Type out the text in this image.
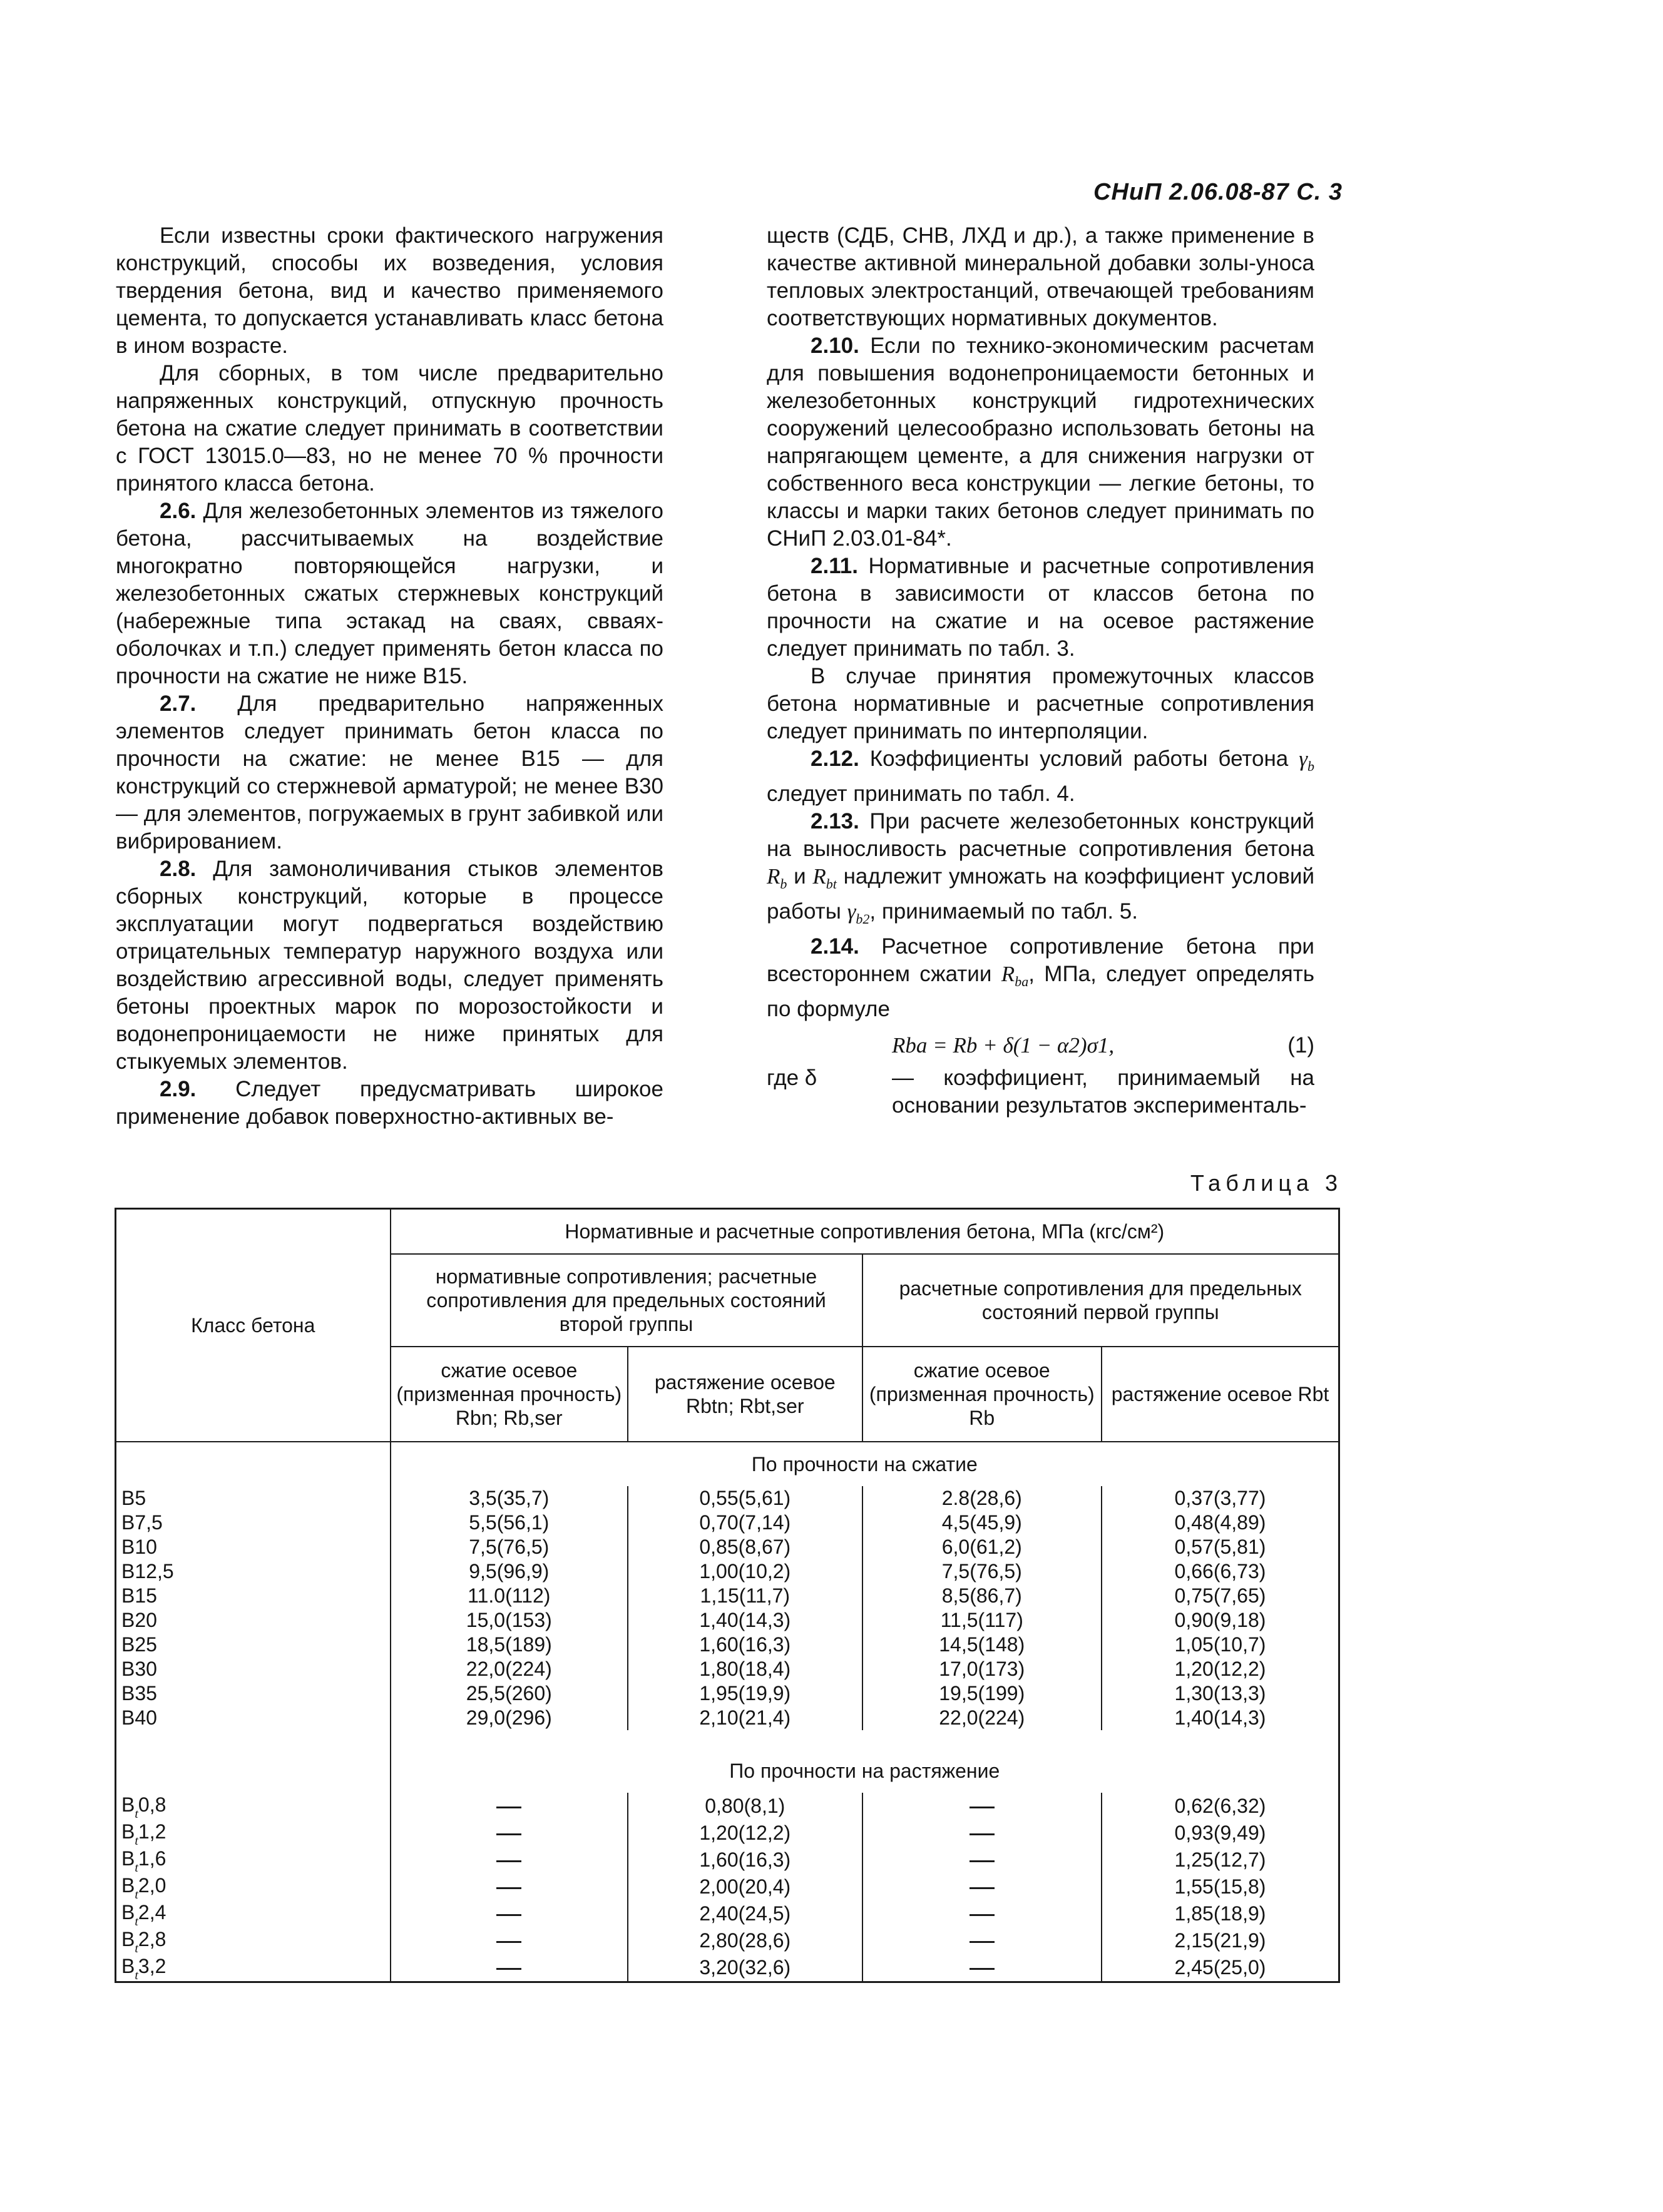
СНиП 2.06.08-87 С. 3

Если известны сроки фактического нагружения конструкций, способы их возведения, условия твердения бетона, вид и качество применяемого цемента, то допускается устанавливать класс бетона в ином возрасте.

Для сборных, в том числе предварительно напряженных конструкций, отпускную прочность бетона на сжатие следует принимать в соответствии с ГОСТ 13015.0—83, но не менее 70 % прочности принятого класса бетона.

2.6. Для железобетонных элементов из тяжелого бетона, рассчитываемых на воздействие многократно повторяющейся нагрузки, и железобетонных сжатых стержневых конструкций (набережные типа эстакад на сваях, свваях-оболочках и т.п.) следует применять бетон класса по прочности на сжатие не ниже В15.

2.7. Для предварительно напряженных элементов следует принимать бетон класса по прочности на сжатие: не менее В15 — для конструкций со стержневой арматурой; не менее В30 — для элементов, погружаемых в грунт забивкой или вибрированием.

2.8. Для замоноличивания стыков элементов сборных конструкций, которые в процессе эксплуатации могут подвергаться воздействию отрицательных температур наружного воздуха или воздействию агрессивной воды, следует применять бетоны проектных марок по морозостойкости и водонепроницаемости не ниже принятых для стыкуемых элементов.

2.9. Следует предусматривать широкое применение добавок поверхностно-активных ве-

ществ (СДБ, СНВ, ЛХД и др.), а также применение в качестве активной минеральной добавки золы-уноса тепловых электростанций, отвечающей требованиям соответствующих нормативных документов.

2.10. Если по технико-экономическим расчетам для повышения водонепроницаемости бетонных и железобетонных конструкций гидротехнических сооружений целесообразно использовать бетоны на напрягающем цементе, а для снижения нагрузки от собственного веса конструкции — легкие бетоны, то классы и марки таких бетонов следует принимать по СНиП 2.03.01-84*.

2.11. Нормативные и расчетные сопротивления бетона в зависимости от классов бетона по прочности на сжатие и на осевое растяжение следует принимать по табл. 3.

В случае принятия промежуточных классов бетона нормативные и расчетные сопротивления следует принимать по интерполяции.

2.12. Коэффициенты условий работы бетона $\gamma_b$ следует принимать по табл. 4.

2.13. При расчете железобетонных конструкций на выносливость расчетные сопротивления бетона $R_b$ и $R_{bt}$ надлежит умножать на коэффициент условий работы $\gamma_{b2}$, принимаемый по табл. 5.

2.14. Расчетное сопротивление бетона при всестороннем сжатии $R_{ba}$, МПа, следует определять по формуле

Rba = Rb + δ(1 − α2)σ1,	(1)
где δ	— коэффициент, принимаемый на основании результатов эксперименталь-
Таблица 3
Класс бетона	Нормативные и расчетные сопротивления бетона, МПа (кгс/см²)			
	нормативные сопротивления; расчетные сопротивления для предельных состояний второй группы		расчетные сопротивления для предельных состояний первой группы	
	сжатие осевое (призменная прочность) Rbn; Rb,ser	растяжение осевое Rbtn; Rbt,ser	сжатие осевое (призменная прочность) Rb	растяжение осевое Rbt
	По прочности на сжатие			
В5	3,5(35,7)	0,55(5,61)	2.8(28,6)	0,37(3,77)
В7,5	5,5(56,1)	0,70(7,14)	4,5(45,9)	0,48(4,89)
В10	7,5(76,5)	0,85(8,67)	6,0(61,2)	0,57(5,81)
В12,5	9,5(96,9)	1,00(10,2)	7,5(76,5)	0,66(6,73)
В15	11.0(112)	1,15(11,7)	8,5(86,7)	0,75(7,65)
В20	15,0(153)	1,40(14,3)	11,5(117)	0,90(9,18)
В25	18,5(189)	1,60(16,3)	14,5(148)	1,05(10,7)
В30	22,0(224)	1,80(18,4)	17,0(173)	1,20(12,2)
В35	25,5(260)	1,95(19,9)	19,5(199)	1,30(13,3)
В40	29,0(296)	2,10(21,4)	22,0(224)	1,40(14,3)

	По прочности на растяжение			
$B_t0,8$		0,80(8,1)		0,62(6,32)
$B_t1,2$		1,20(12,2)		0,93(9,49)
$B_t1,6$		1,60(16,3)		1,25(12,7)
$B_t2,0$		2,00(20,4)		1,55(15,8)
$B_t2,4$		2,40(24,5)		1,85(18,9)
$B_t2,8$		2,80(28,6)		2,15(21,9)
$B_t3,2$		3,20(32,6)		2,45(25,0)
